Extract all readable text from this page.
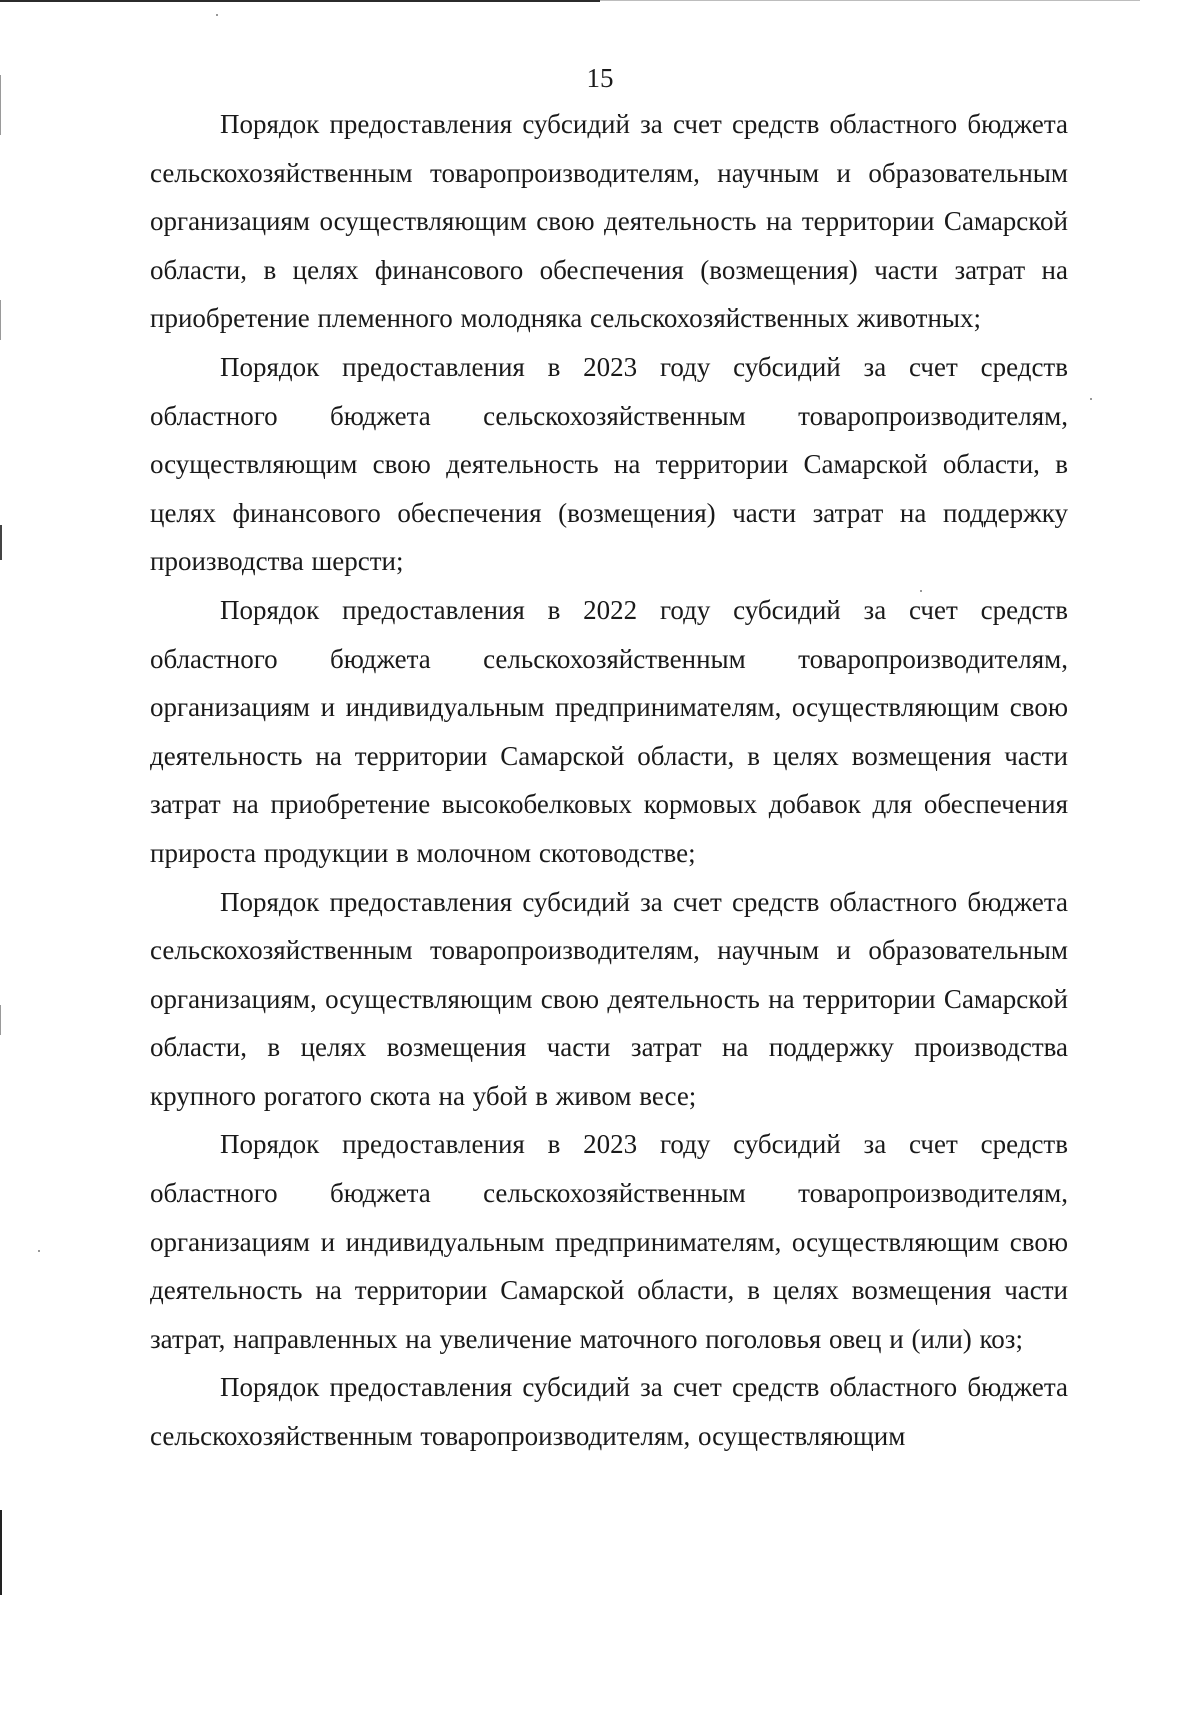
15

Порядок предоставления субсидий за счет средств областного бюджета сельскохозяйственным товаропроизводителям, научным и образовательным организациям осуществляющим свою деятельность на территории Самарской области, в целях финансового обеспечения (возмещения) части затрат на приобретение племенного молодняка сельскохозяйственных животных;

Порядок предоставления в 2023 году субсидий за счет средств областного бюджета сельскохозяйственным товаропроизводителям, осуществляющим свою деятельность на территории Самарской области, в целях финансового обеспечения (возмещения) части затрат на поддержку производства шерсти;

Порядок предоставления в 2022 году субсидий за счет средств областного бюджета сельскохозяйственным товаропроизводителям, организациям и индивидуальным предпринимателям, осуществляющим свою деятельность на территории Самарской области, в целях возмещения части затрат на приобретение высокобелковых кормовых добавок для обеспечения прироста продукции в молочном скотоводстве;

Порядок предоставления субсидий за счет средств областного бюджета сельскохозяйственным товаропроизводителям, научным и образовательным организациям, осуществляющим свою деятельность на территории Самарской области, в целях возмещения части затрат на поддержку производства крупного рогатого скота на убой в живом весе;

Порядок предоставления в 2023 году субсидий за счет средств областного бюджета сельскохозяйственным товаропроизводителям, организациям и индивидуальным предпринимателям, осуществляющим свою деятельность на территории Самарской области, в целях возмещения части затрат, направленных на увеличение маточного поголовья овец и (или) коз;

Порядок предоставления субсидий за счет средств областного бюджета сельскохозяйственным товаропроизводителям, осуществляющим
